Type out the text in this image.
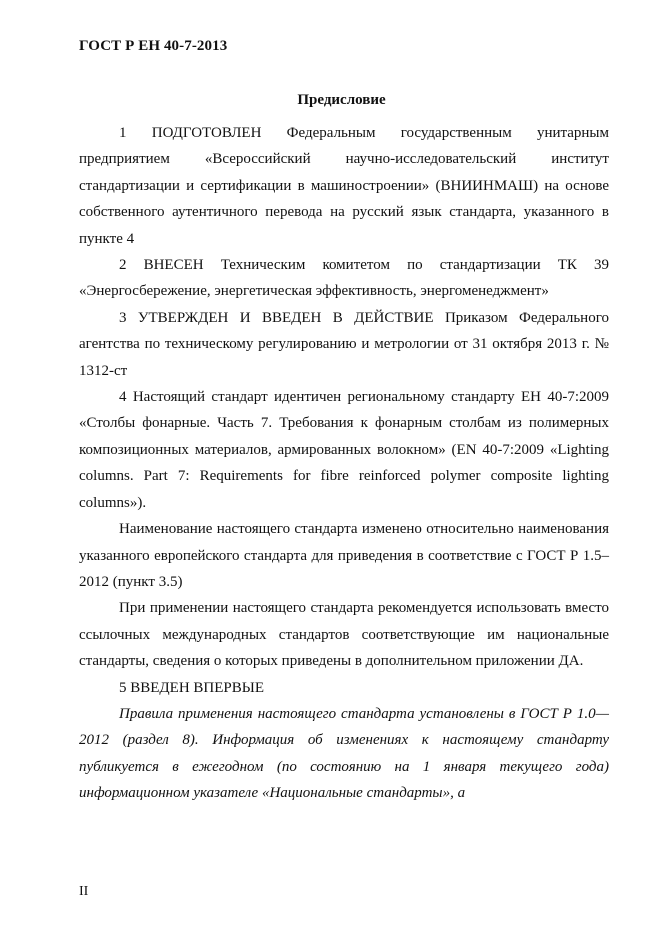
ГОСТ Р ЕН 40-7-2013
Предисловие

1 ПОДГОТОВЛЕН Федеральным государственным унитарным предприятием «Всероссийский научно-исследовательский институт стандартизации и сертификации в машиностроении» (ВНИИНМАШ) на основе собственного аутентичного перевода на русский язык стандарта, указанного в пункте 4

2 ВНЕСЕН Техническим комитетом по стандартизации ТК 39 «Энергосбережение, энергетическая эффективность, энергоменеджмент»

3 УТВЕРЖДЕН И ВВЕДЕН В ДЕЙСТВИЕ Приказом Федерального агентства по техническому регулированию и метрологии от 31 октября 2013 г. № 1312-ст

4 Настоящий стандарт идентичен региональному стандарту ЕН 40-7:2009 «Столбы фонарные. Часть 7. Требования к фонарным столбам из полимерных композиционных материалов, армированных волокном» (EN 40-7:2009 «Lighting columns. Part 7: Requirements for fibre reinforced polymer composite lighting columns»).

Наименование настоящего стандарта изменено относительно наименования указанного европейского стандарта для приведения в соответствие с ГОСТ Р 1.5–2012 (пункт 3.5)

При применении настоящего стандарта рекомендуется использовать вместо ссылочных международных стандартов соответствующие им национальные стандарты, сведения о которых приведены в дополнительном приложении ДА.

5 ВВЕДЕН ВПЕРВЫЕ

Правила применения настоящего стандарта установлены в ГОСТ Р 1.0—2012 (раздел 8). Информация об изменениях к настоящему стандарту публикуется в ежегодном (по состоянию на 1 января текущего года) информационном указателе «Национальные стандарты», а

II
